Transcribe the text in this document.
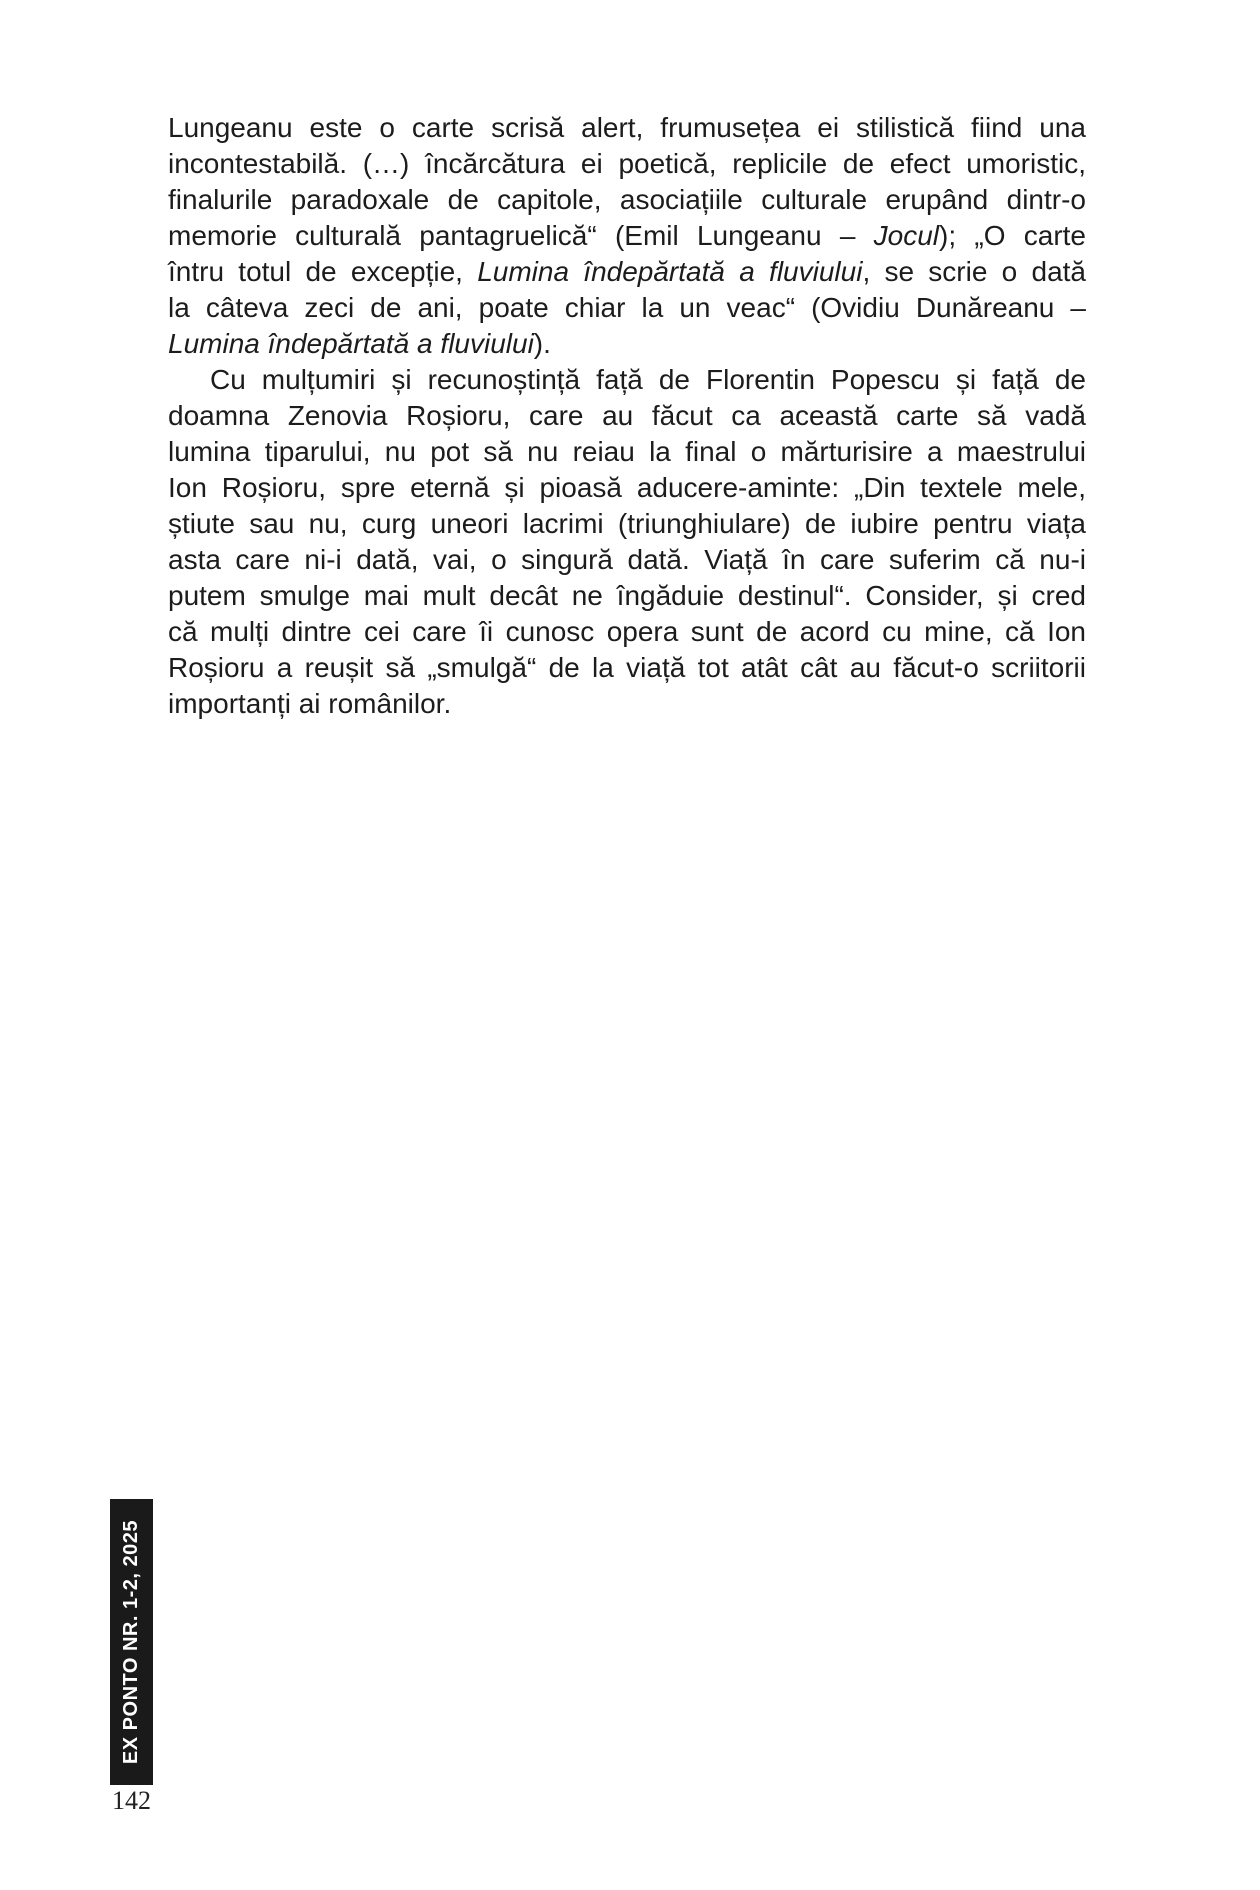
Lungeanu este o carte scrisă alert, frumusețea ei stilistică fiind una
incontestabilă. (…) încărcătura ei poetică, replicile de efect umoristic,
finalurile paradoxale de capitole, asociațiile culturale erupând dintr-o
memorie culturală pantagruelică“ (Emil Lungeanu – Jocul); „O carte
întru totul de excepție, Lumina îndepărtată a fluviului, se scrie o dată
la câteva zeci de ani, poate chiar la un veac“ (Ovidiu Dunăreanu –
Lumina îndepărtată a fluviului).
Cu mulțumiri și recunoștință față de Florentin Popescu și față de
doamna Zenovia Roșioru, care au făcut ca această carte să vadă
lumina tiparului, nu pot să nu reiau la final o mărturisire a maestrului
Ion Roșioru, spre eternă și pioasă aducere-aminte: „Din textele mele,
știute sau nu, curg uneori lacrimi (triunghiulare) de iubire pentru viața
asta care ni-i dată, vai, o singură dată. Viață în care suferim că nu-i
putem smulge mai mult decât ne îngăduie destinul“. Consider, și cred
că mulți dintre cei care îi cunosc opera sunt de acord cu mine, că Ion
Roșioru a reușit să „smulgă“ de la viață tot atât cât au făcut-o scriitorii
importanți ai românilor.
EX PONTO NR. 1-2, 2025
142
